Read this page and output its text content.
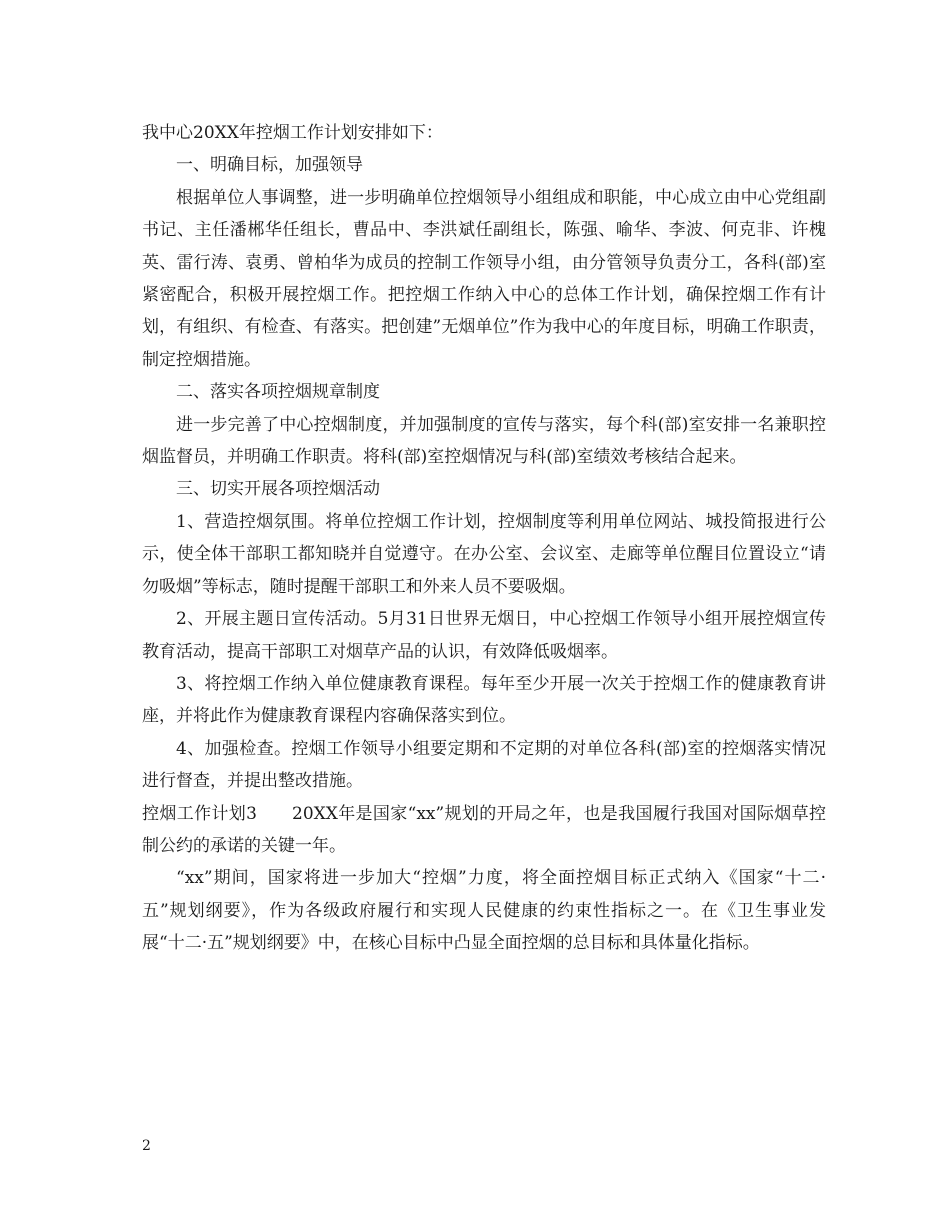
我中心20XX年控烟工作计划安排如下：

一、明确目标，加强领导

根据单位人事调整，进一步明确单位控烟领导小组组成和职能，中心成立由中心党组副书记、主任潘郴华任组长，曹品中、李洪斌任副组长，陈强、喻华、李波、何克非、许槐英、雷行涛、袁勇、曾柏华为成员的控制工作领导小组，由分管领导负责分工，各科(部)室紧密配合，积极开展控烟工作。把控烟工作纳入中心的总体工作计划，确保控烟工作有计划，有组织、有检查、有落实。把创建”无烟单位”作为我中心的年度目标，明确工作职责，制定控烟措施。

二、落实各项控烟规章制度

进一步完善了中心控烟制度，并加强制度的宣传与落实，每个科(部)室安排一名兼职控烟监督员，并明确工作职责。将科(部)室控烟情况与科(部)室绩效考核结合起来。

三、切实开展各项控烟活动

1、营造控烟氛围。将单位控烟工作计划，控烟制度等利用单位网站、城投简报进行公示，使全体干部职工都知晓并自觉遵守。在办公室、会议室、走廊等单位醒目位置设立“请勿吸烟”等标志，随时提醒干部职工和外来人员不要吸烟。

2、开展主题日宣传活动。5月31日世界无烟日，中心控烟工作领导小组开展控烟宣传教育活动，提高干部职工对烟草产品的认识，有效降低吸烟率。

3、将控烟工作纳入单位健康教育课程。每年至少开展一次关于控烟工作的健康教育讲座，并将此作为健康教育课程内容确保落实到位。

4、加强检查。控烟工作领导小组要定期和不定期的对单位各科(部)室的控烟落实情况进行督查，并提出整改措施。

控烟工作计划3　　20XX年是国家“xx”规划的开局之年，也是我国履行我国对国际烟草控制公约的承诺的关键一年。

“xx”期间，国家将进一步加大“控烟”力度，将全面控烟目标正式纳入《国家“十二·五”规划纲要》，作为各级政府履行和实现人民健康的约束性指标之一。在《卫生事业发展“十二·五”规划纲要》中，在核心目标中凸显全面控烟的总目标和具体量化指标。

2
